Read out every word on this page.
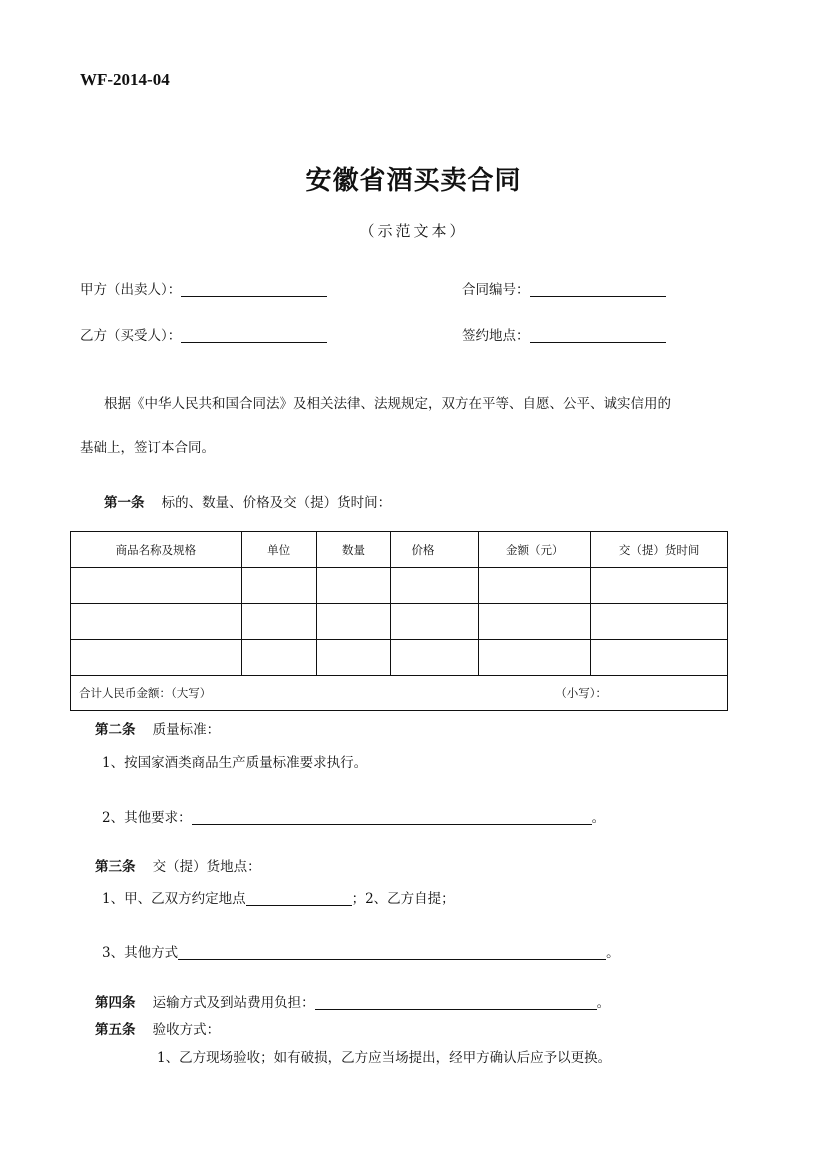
WF-2014-04
安徽省酒买卖合同
（示范文本）
甲方（出卖人）：	合同编号：
乙方（买受人）：	签约地点：
根据《中华人民共和国合同法》及相关法律、法规规定，双方在平等、自愿、公平、诚实信用的
基础上，签订本合同。
第一条 标的、数量、价格及交（提）货时间：
商品名称及规格	单位	数量	价格	金额（元）	交（提）货时间

合计人民币金额：（大写） （小写）：					
第二条 质量标准：
1、按国家酒类商品生产质量标准要求执行。
2、其他要求：	。
第三条 交（提）货地点：
1、甲、乙双方约定地点	；2、乙方自提；
3、其他方式	。
第四条 运输方式及到站费用负担：	。
第五条 验收方式：
1、乙方现场验收；如有破损，乙方应当场提出，经甲方确认后应予以更换。
